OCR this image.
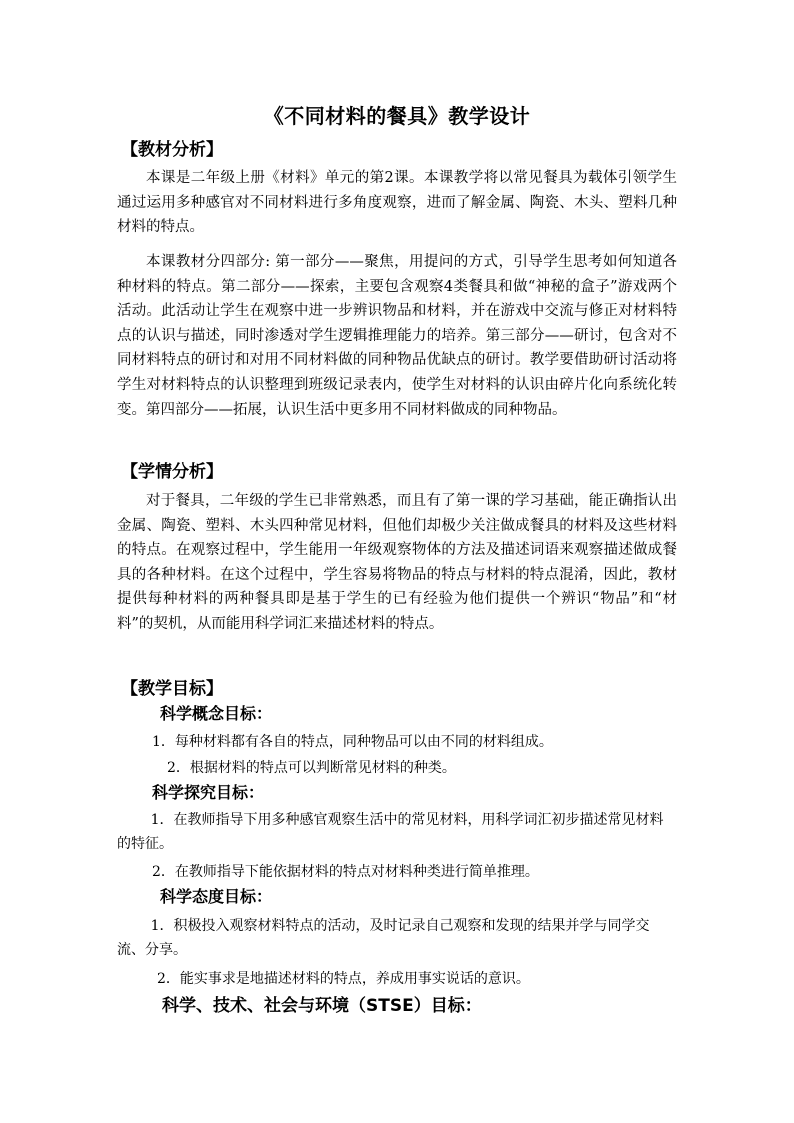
《不同材料的餐具》教学设计
【教材分析】
本课是二年级上册《材料》单元的第2课。本课教学将以常见餐具为载体引领学生通过运用多种感官对不同材料进行多角度观察，进而了解金属、陶瓷、木头、塑料几种材料的特点。
本课教材分四部分: 第一部分——聚焦，用提问的方式，引导学生思考如何知道各种材料的特点。第二部分——探索，主要包含观察4类餐具和做“神秘的盒子”游戏两个活动。此活动让学生在观察中进一步辨识物品和材料，并在游戏中交流与修正对材料特点的认识与描述，同时渗透对学生逻辑推理能力的培养。第三部分——研讨，包含对不同材料特点的研讨和对用不同材料做的同种物品优缺点的研讨。教学要借助研讨活动将学生对材料特点的认识整理到班级记录表内，使学生对材料的认识由碎片化向系统化转变。第四部分——拓展，认识生活中更多用不同材料做成的同种物品。
【学情分析】
对于餐具，二年级的学生已非常熟悉，而且有了第一课的学习基础，能正确指认出金属、陶瓷、塑料、木头四种常见材料，但他们却极少关注做成餐具的材料及这些材料的特点。在观察过程中，学生能用一年级观察物体的方法及描述词语来观察描述做成餐具的各种材料。在这个过程中，学生容易将物品的特点与材料的特点混淆，因此，教材提供每种材料的两种餐具即是基于学生的已有经验为他们提供一个辨识“物品”和“材料”的契机，从而能用科学词汇来描述材料的特点。
【教学目标】
科学概念目标：
1．每种材料都有各自的特点，同种物品可以由不同的材料组成。
2．根据材料的特点可以判断常见材料的种类。
科学探究目标：
1．在教师指导下用多种感官观察生活中的常见材料，用科学词汇初步描述常见材料的特征。
2．在教师指导下能依据材料的特点对材料种类进行简单推理。
科学态度目标：
1．积极投入观察材料特点的活动，及时记录自己观察和发现的结果并学与同学交流、分享。
2．能实事求是地描述材料的特点，养成用事实说话的意识。
科学、技术、社会与环境（STSE）目标：
